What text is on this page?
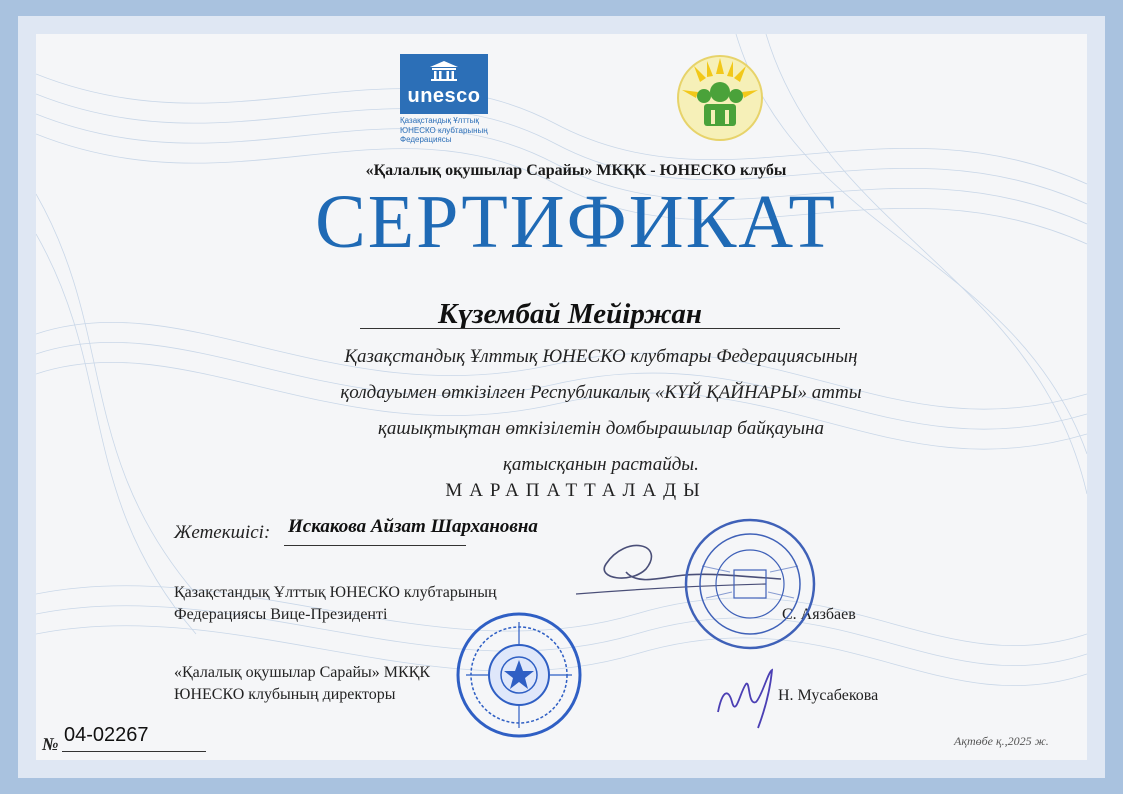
unesco
Қазақстандық Ұлттық
ЮНЕСКО клубтарының
Федерациясы
«Қалалық оқушылар Сарайы» МКҚК - ЮНЕСКО клубы
СЕРТИФИКАТ
Күзембай Мейіржан
Қазақстандық Ұлттық ЮНЕСКО клубтары Федерациясының
қолдауымен өткізілген Республикалық «КҮЙ ҚАЙНАРЫ» атты
қашықтықтан өткізілетін домбырашылар байқауына
қатысқанын растайды.
МАРАПАТТАЛАДЫ
Жетекшісі: Искакова Айзат Шархановна
Қазақстандық Ұлттық ЮНЕСКО клубтарының
Федерациясы Вице-Президенті	С. Аязбаев
«Қалалық оқушылар Сарайы» МКҚК
ЮНЕСКО клубының директоры	Н. Мусабекова
№ 04-02267	Ақтөбе қ.,2025 ж.
